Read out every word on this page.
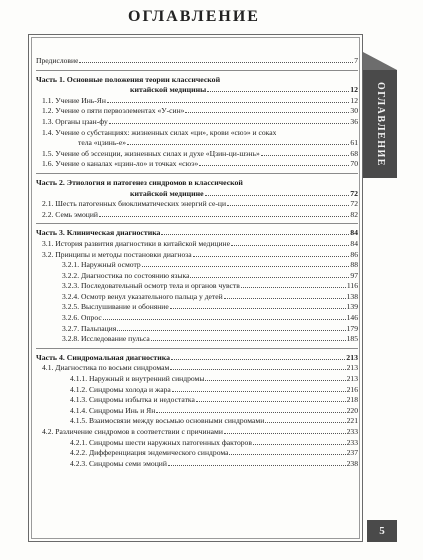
ОГЛАВЛЕНИЕ
Предисловие	7
Часть 1. Основные положения теории классической
китайской медицины	12
1.1. Учение Инь-Ян	12
1.2. Учение о пяти первоэлементах «У-син»	30
1.3. Органы цзан-фу	36
1.4. Учение о субстанциях: жизненных силах «ци», крови «сюэ» и соках
тела «цзинь-е»	61
1.5. Учение об эссенции, жизненных силах и духе «Цзин-ци-шэнь»	68
1.6. Учение о каналах «цзин-ло» и точках «сюэ»	70
Часть 2. Этиология и патогенез синдромов в классической
китайской медицине	72
2.1. Шесть патогенных биоклиматических энергий се-ци	72
2.2. Семь эмоций	82
Часть 3. Клиническая диагностика	84
3.1. История развития диагностики в китайской медицине	84
3.2. Принципы и методы постановки диагноза	86
3.2.1. Наружный осмотр	88
3.2.2. Диагностика по состоянию языка	97
3.2.3. Последовательный осмотр тела и органов чувств	116
3.2.4. Осмотр венул указательного пальца у детей	138
3.2.5. Выслушивание и обоняние	139
3.2.6. Опрос	146
3.2.7. Пальпация	179
3.2.8. Исследование пульса	185
Часть 4. Синдромальная диагностика	213
4.1. Диагностика по восьми синдромам	213
4.1.1. Наружный и внутренний синдромы	213
4.1.2. Синдромы холода и жара	216
4.1.3. Синдромы избытка и недостатка	218
4.1.4. Синдромы Инь и Ян	220
4.1.5. Взаимосвязи между восьмью основными синдромами	221
4.2. Различение синдромов в соответствии с причинами	233
4.2.1. Синдромы шести наружных патогенных факторов	233
4.2.2. Дифференциация эндемического синдрома	237
4.2.3. Синдромы семи эмоций	238
ОГЛАВЛЕНИЕ
5
